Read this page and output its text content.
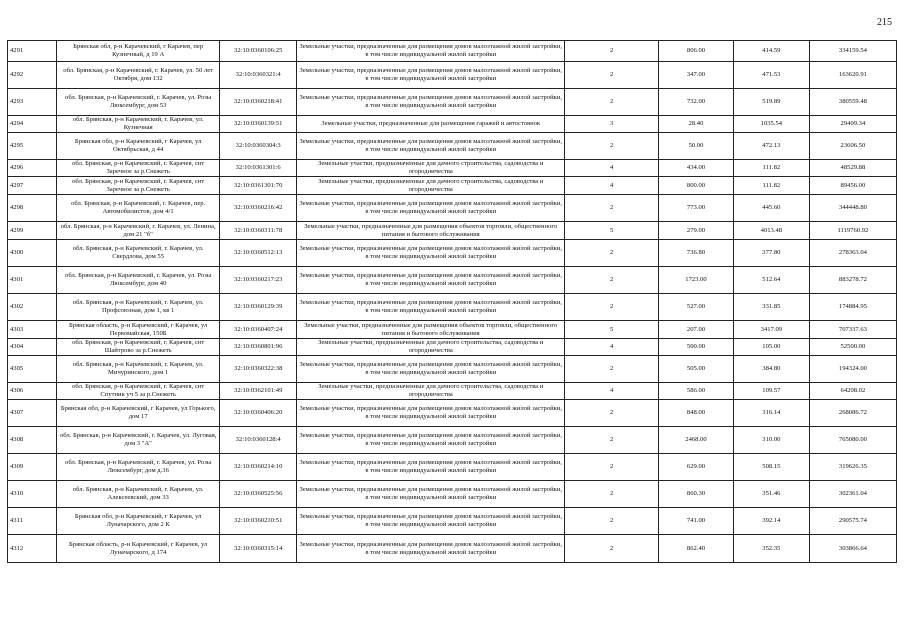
215
4291	Брянская обл, р-н Карачевский, г Карачев, пер Кузнечный, д 19 А	32:10:0360106:25	Земельные участки, предназначенные для размещения домов малоэтажной жилой застройки, в том числе индивидуальной жилой застройки	2	806.00	414.59	334159.54
4292	обл. Брянская, р-н Карачевский, г. Карачев, ул. 50 лет Октября, дом 132	32:10:0360321:4	Земельные участки, предназначенные для размещения домов малоэтажной жилой застройки, в том числе индивидуальной жилой застройки	2	347.00	471.53	163620.91
4293	обл. Брянская, р-н Карачевский, г. Карачев, ул. Розы Люксембург, дом 53	32:10:0360218:41	Земельные участки, предназначенные для размещения домов малоэтажной жилой застройки, в том числе индивидуальной жилой застройки	2	732.00	519.89	380559.48
4294	обл. Брянская, р-н Карачевский, г. Карачев, ул. Кузнечная	32:10:0360139:51	Земельные участки, предназначенные для размещения гаражей и автостоянок	3	28.40	1035.54	29409.34
4295	Брянская обл, р-н Карачевский, г Карачев, ул Октябрьская, д 44	32:10:0360304:3	Земельные участки, предназначенные для размещения домов малоэтажной жилой застройки, в том числе индивидуальной жилой застройки	2	50.00	472.13	23606.50
4296	обл. Брянская, р-н Карачевский, г. Карачев, снт Заречное за р.Снежеть	32:10:0361301:6	Земельные участки, предназначенные для дачного строительства, садоводства и огородничества	4	434.00	111.82	48529.88
4297	обл. Брянская, р-н Карачевский, г. Карачев, снт Заречное за р.Снежеть	32:10:0361301:70	Земельные участки, предназначенные для дачного строительства, садоводства и огородничества	4	800.00	111.82	89456.00
4298	обл. Брянская, р-н Карачевский, г. Карачев, пер. Автомобилистов, дом 4/1	32:10:0360216:42	Земельные участки, предназначенные для размещения домов малоэтажной жилой застройки, в том числе индивидуальной жилой застройки	2	773.00	445.60	344448.80
4299	обл. Брянская, р-н Карачевский, г. Карачев, ул. Ленина, дом 21 "б"	32:10:0360311:78	Земельные участки, предназначенные для размещения объектов торговли, общественного питания и бытового обслуживания	5	279.00	4013.48	1119760.92
4300	обл. Брянская, р-н Карачевский, г. Карачев, ул. Свердлова, дом 55	32:10:0360512:13	Земельные участки, предназначенные для размещения домов малоэтажной жилой застройки, в том числе индивидуальной жилой застройки	2	736.80	377.80	278363.04
4301	обл. Брянская, р-н Карачевский, г. Карачев, ул. Розы Люксембург, дом 40	32:10:0360217:23	Земельные участки, предназначенные для размещения домов малоэтажной жилой застройки, в том числе индивидуальной жилой застройки	2	1723.00	512.64	883278.72
4302	обл. Брянская, р-н Карачевский, г. Карачев, ул. Профсоюзная, дом 1, кв 1	32:10:0360129:39	Земельные участки, предназначенные для размещения домов малоэтажной жилой застройки, в том числе индивидуальной жилой застройки	2	527.00	331.85	174884.95
4303	Брянская область, р-н Карачевский, г Карачев, ул Первомайская, 150Б	32:10:0360407:24	Земельные участки, предназначенные для размещения объектов торговли, общественного питания и бытового обслуживания	5	207.00	3417.09	707337.63
4304	обл. Брянская, р-н Карачевский, г. Карачев, снт Шайтрово за р.Снежеть	32:10:0360801:96	Земельные участки, предназначенные для дачного строительства, садоводства и огородничества	4	500.00	105.00	52500.00
4305	обл. Брянская, р-н Карачевский, г. Карачев, ул. Мичуринского, дом 1	32:10:0360322:38	Земельные участки, предназначенные для размещения домов малоэтажной жилой застройки, в том числе индивидуальной жилой застройки	2	505.00	384.80	194324.00
4306	обл. Брянская, р-н Карачевский, г. Карачев, снт Спутник уч 5 за р.Снежеть	32:10:0362101:49	Земельные участки, предназначенные для дачного строительства, садоводства и огородничества	4	586.00	109.57	64208.02
4307	Брянская обл, р-н Карачевский, г Карачев, ул Горького, дом 17	32:10:0360406:20	Земельные участки, предназначенные для размещения домов малоэтажной жилой застройки, в том числе индивидуальной жилой застройки	2	848.00	316.14	268086.72
4308	обл. Брянская, р-н Карачевский, г. Карачев, ул. Луговая, дом 3 "А"	32:10:0360128:4	Земельные участки, предназначенные для размещения домов малоэтажной жилой застройки, в том числе индивидуальной жилой застройки	2	2468.00	310.00	765080.00
4309	обл. Брянская, р-н Карачевский, г. Карачев, ул. Розы Люксембург, дом д.36	32:10:0360214:10	Земельные участки, предназначенные для размещения домов малоэтажной жилой застройки, в том числе индивидуальной жилой застройки	2	629.00	508.15	319626.35
4310	обл. Брянская, р-н Карачевский, г. Карачев, ул. Алексеевский, дом 33	32:10:0360525:56	Земельные участки, предназначенные для размещения домов малоэтажной жилой застройки, в том числе индивидуальной жилой застройки	2	860.30	351.46	302361.04
4311	Брянская обл, р-н Карачевский, г Карачев, ул Луначарского, дом 2 К	32:10:0360210:51	Земельные участки, предназначенные для размещения домов малоэтажной жилой застройки, в том числе индивидуальной жилой застройки	2	741.00	392.14	290575.74
4312	Брянская область, р-н Карачевский, г Карачев, ул Луначарского, д 174	32:10:0360315:14	Земельные участки, предназначенные для размещения домов малоэтажной жилой застройки, в том числе индивидуальной жилой застройки	2	862.40	352.35	303866.64
